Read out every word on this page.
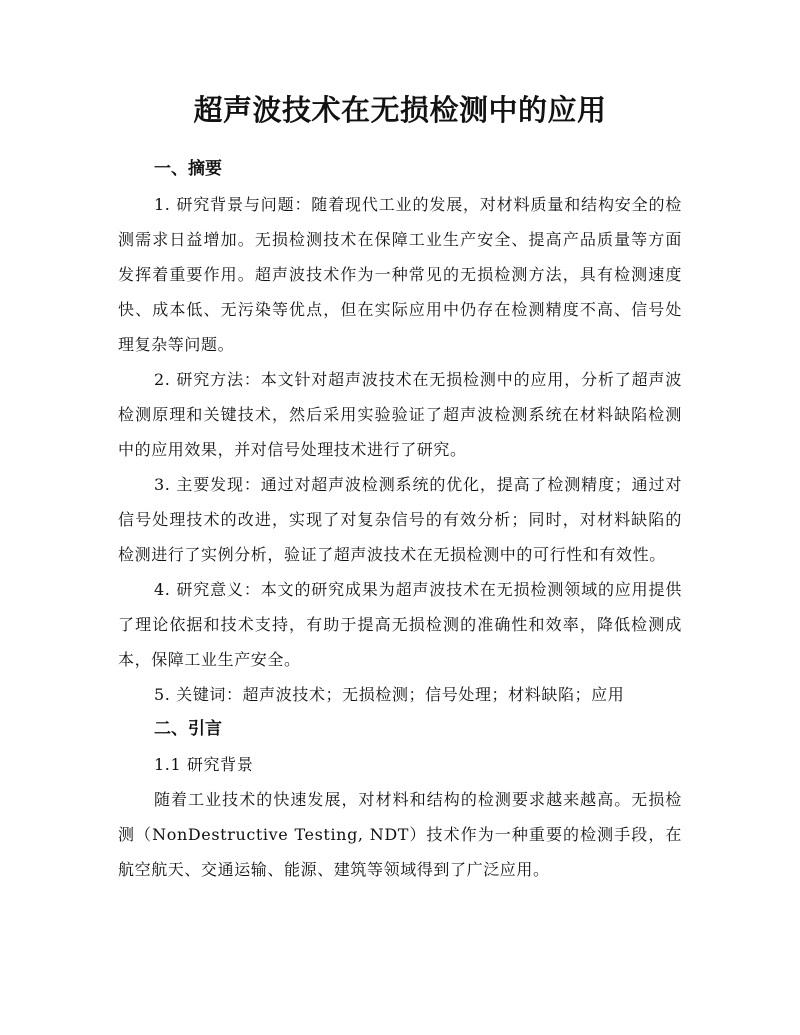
超声波技术在无损检测中的应用
一、摘要

1. 研究背景与问题：随着现代工业的发展，对材料质量和结构安全的检测需求日益增加。无损检测技术在保障工业生产安全、提高产品质量等方面发挥着重要作用。超声波技术作为一种常见的无损检测方法，具有检测速度快、成本低、无污染等优点，但在实际应用中仍存在检测精度不高、信号处理复杂等问题。

2. 研究方法：本文针对超声波技术在无损检测中的应用，分析了超声波检测原理和关键技术，然后采用实验验证了超声波检测系统在材料缺陷检测中的应用效果，并对信号处理技术进行了研究。

3. 主要发现：通过对超声波检测系统的优化，提高了检测精度；通过对信号处理技术的改进，实现了对复杂信号的有效分析；同时，对材料缺陷的检测进行了实例分析，验证了超声波技术在无损检测中的可行性和有效性。

4. 研究意义：本文的研究成果为超声波技术在无损检测领域的应用提供了理论依据和技术支持，有助于提高无损检测的准确性和效率，降低检测成本，保障工业生产安全。

5. 关键词：超声波技术；无损检测；信号处理；材料缺陷；应用

二、引言
1.1 研究背景

随着工业技术的快速发展，对材料和结构的检测要求越来越高。无损检测（NonDestructive Testing, NDT）技术作为一种重要的检测手段，在航空航天、交通运输、能源、建筑等领域得到了广泛应用。
